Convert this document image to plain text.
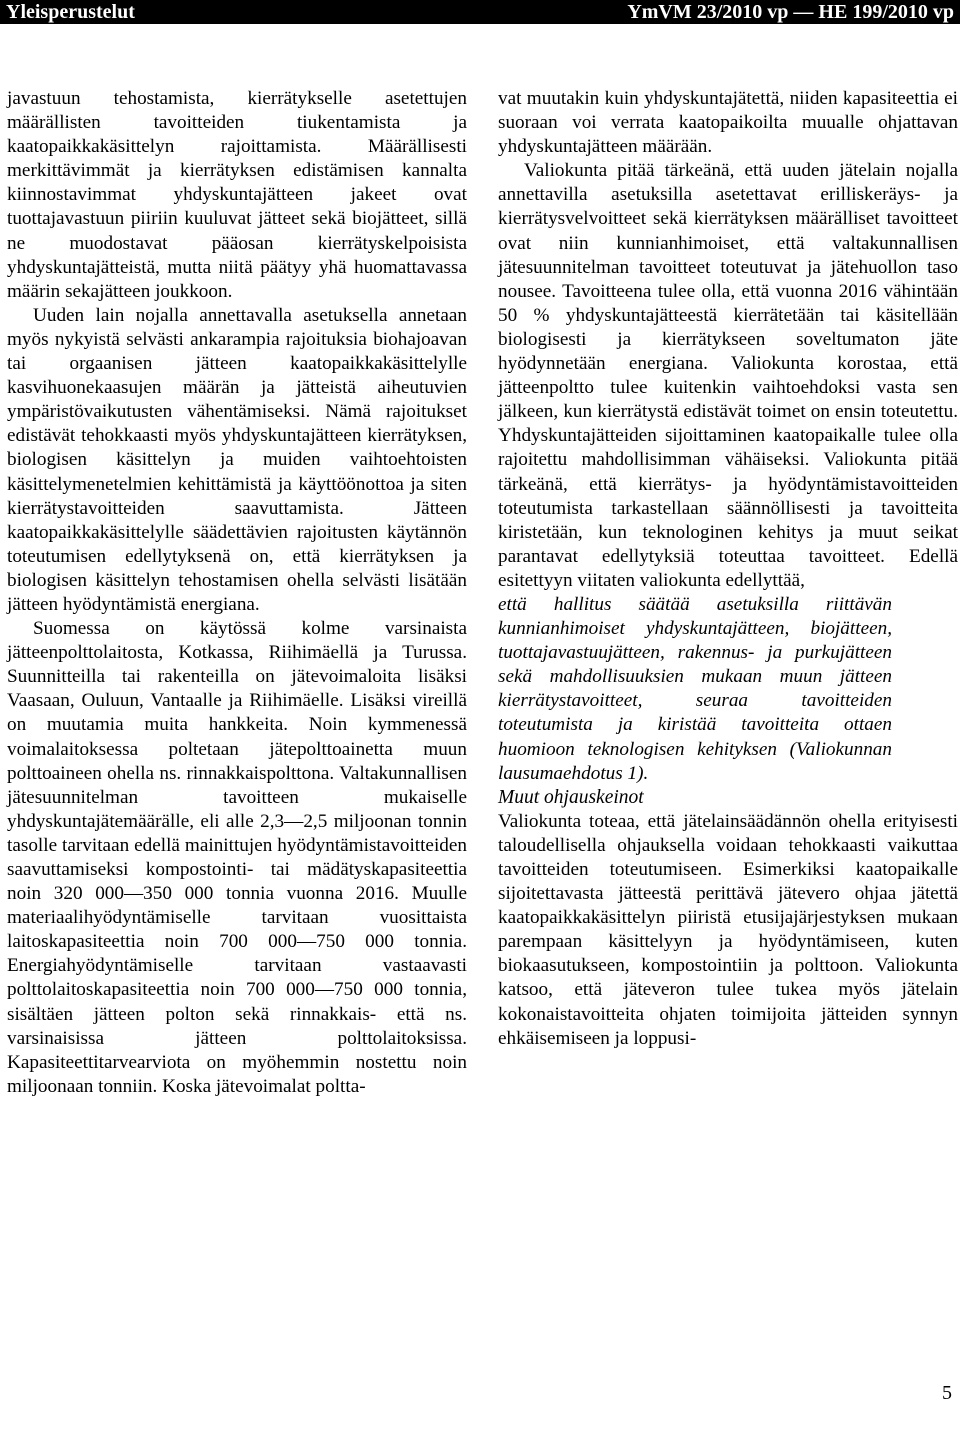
Yleisperustelut	YmVM 23/2010 vp — HE 199/2010 vp

javastuun tehostamista, kierrätykselle asetettujen määrällisten tavoitteiden tiukentamista ja kaatopaikkakäsittelyn rajoittamista. Määrällisesti merkittävimmät ja kierrätyksen edistämisen kannalta kiinnostavimmat yhdyskuntajätteen jakeet ovat tuottajavastuun piiriin kuuluvat jätteet sekä biojätteet, sillä ne muodostavat pääosan kierrätyskelpoisista yhdyskuntajätteistä, mutta niitä päätyy yhä huomattavassa määrin sekajätteen joukkoon.

Uuden lain nojalla annettavalla asetuksella annetaan myös nykyistä selvästi ankarampia rajoituksia biohajoavan tai orgaanisen jätteen kaatopaikkakäsittelylle kasvihuonekaasujen määrän ja jätteistä aiheutuvien ympäristövaikutusten vähentämiseksi. Nämä rajoitukset edistävät tehokkaasti myös yhdyskuntajätteen kierrätyksen, biologisen käsittelyn ja muiden vaihtoehtoisten käsittelymenetelmien kehittämistä ja käyttöönottoa ja siten kierrätystavoitteiden saavuttamista. Jätteen kaatopaikkakäsittelylle säädettävien rajoitusten käytännön toteutumisen edellytyksenä on, että kierrätyksen ja biologisen käsittelyn tehostamisen ohella selvästi lisätään jätteen hyödyntämistä energiana.

Suomessa on käytössä kolme varsinaista jätteenpolttolaitosta, Kotkassa, Riihimäellä ja Turussa. Suunnitteilla tai rakenteilla on jätevoimaloita lisäksi Vaasaan, Ouluun, Vantaalle ja Riihimäelle. Lisäksi vireillä on muutamia muita hankkeita. Noin kymmenessä voimalaitoksessa poltetaan jätepolttoainetta muun polttoaineen ohella ns. rinnakkaispolttona. Valtakunnallisen jätesuunnitelman tavoitteen mukaiselle yhdyskuntajätemäärälle, eli alle 2,3—2,5 miljoonan tonnin tasolle tarvitaan edellä mainittujen hyödyntämistavoitteiden saavuttamiseksi kompostointi- tai mädätyskapasiteettia noin 320 000—350 000 tonnia vuonna 2016. Muulle materiaalihyödyntämiselle tarvitaan vuosittaista laitoskapasiteettia noin 700 000—750 000 tonnia. Energiahyödyntämiselle tarvitaan vastaavasti polttolaitoskapasiteettia noin 700 000—750 000 tonnia, sisältäen jätteen polton sekä rinnakkais- että ns. varsinaisissa jätteen polttolaitoksissa. Kapasiteettitarvearviota on myöhemmin nostettu noin miljoonaan tonniin. Koska jätevoimalat poltta-

vat muutakin kuin yhdyskuntajätettä, niiden kapasiteettia ei suoraan voi verrata kaatopaikoilta muualle ohjattavan yhdyskuntajätteen määrään.

Valiokunta pitää tärkeänä, että uuden jätelain nojalla annettavilla asetuksilla asetettavat erilliskeräys- ja kierrätysvelvoitteet sekä kierrätyksen määrälliset tavoitteet ovat niin kunnianhimoiset, että valtakunnallisen jätesuunnitelman tavoitteet toteutuvat ja jätehuollon taso nousee. Tavoitteena tulee olla, että vuonna 2016 vähintään 50 % yhdyskuntajätteestä kierrätetään tai käsitellään biologisesti ja kierrätykseen soveltumaton jäte hyödynnetään energiana. Valiokunta korostaa, että jätteenpoltto tulee kuitenkin vaihtoehdoksi vasta sen jälkeen, kun kierrätystä edistävät toimet on ensin toteutettu. Yhdyskuntajätteiden sijoittaminen kaatopaikalle tulee olla rajoitettu mahdollisimman vähäiseksi. Valiokunta pitää tärkeänä, että kierrätys- ja hyödyntämistavoitteiden toteutumista tarkastellaan säännöllisesti ja tavoitteita kiristetään, kun teknologinen kehitys ja muut seikat parantavat edellytyksiä toteuttaa tavoitteet. Edellä esitettyyn viitaten valiokunta edellyttää,

että hallitus säätää asetuksilla riittävän kunnianhimoiset yhdyskuntajätteen, biojätteen, tuottajavastuujätteen, rakennus- ja purkujätteen sekä mahdollisuuksien mukaan muun jätteen kierrätystavoitteet, seuraa tavoitteiden toteutumista ja kiristää tavoitteita ottaen huomioon teknologisen kehityksen (Valiokunnan lausumaehdotus 1).

Muut ohjauskeinot

Valiokunta toteaa, että jätelainsäädännön ohella erityisesti taloudellisella ohjauksella voidaan tehokkaasti vaikuttaa tavoitteiden toteutumiseen. Esimerkiksi kaatopaikalle sijoitettavasta jätteestä perittävä jätevero ohjaa jätettä kaatopaikkakäsittelyn piiristä etusijajärjestyksen mukaan parempaan käsittelyyn ja hyödyntämiseen, kuten biokaasutukseen, kompostointiin ja polttoon. Valiokunta katsoo, että jäteveron tulee tukea myös jätelain kokonaistavoitteita ohjaten toimijoita jätteiden synnyn ehkäisemiseen ja loppusi-

5
